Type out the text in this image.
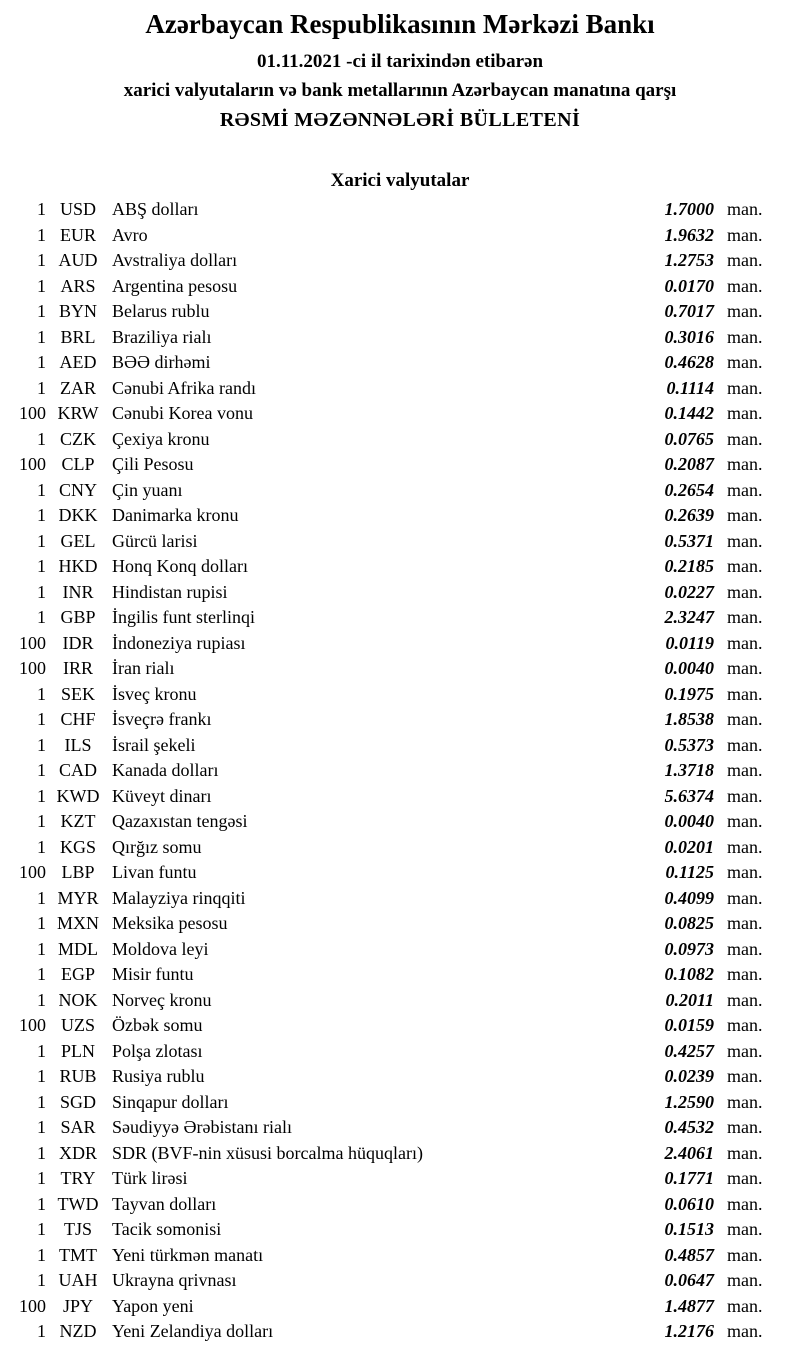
Azərbaycan Respublikasının Mərkəzi Bankı
01.11.2021 -ci il tarixindən etibarən
xarici valyutaların və bank metallarının Azərbaycan manatına qarşı
RƏSMİ MƏZƏNNƏLƏRİ BÜLLETENİ
Xarici valyutalar
1 USD ABŞ dolları	1.7000 man.
1 EUR Avro	1.9632 man.
1 AUD Avstraliya dolları	1.2753 man.
1 ARS Argentina pesosu	0.0170 man.
1 BYN Belarus rublu	0.7017 man.
1 BRL Braziliya rialı	0.3016 man.
1 AED BƏƏ dirhəmi	0.4628 man.
1 ZAR Cənubi Afrika randı	0.1114 man.
100 KRW Cənubi Korea vonu	0.1442 man.
1 CZK Çexiya kronu	0.0765 man.
100 CLP Çili Pesosu	0.2087 man.
1 CNY Çin yuanı	0.2654 man.
1 DKK Danimarka kronu	0.2639 man.
1 GEL Gürcü larisi	0.5371 man.
1 HKD Honq Konq dolları	0.2185 man.
1 INR	Hindistan rupisi	0.0227 man.
1 GBP İngilis funt sterlinqi	2.3247 man.
100 IDR	İndoneziya rupiası	0.0119 man.
100 IRR	İran rialı	0.0040 man.
1 SEK İsveç kronu	0.1975 man.
1 CHF İsveçrə frankı	1.8538 man.
1	ILS	İsrail şekeli	0.5373 man.
1 CAD Kanada dolları	1.3718 man.
1 KWD Küveyt dinarı	5.6374 man.
1 KZT Qazaxıstan tengəsi	0.0040 man.
1 KGS Qırğız somu	0.0201 man.
100 LBP Livan funtu	0.1125 man.
1 MYR Malayziya rinqqiti	0.4099 man.
1 MXN Meksika pesosu	0.0825 man.
1 MDL Moldova leyi	0.0973 man.
1 EGP Misir funtu	0.1082 man.
1 NOK Norveç kronu	0.2011 man.
100 UZS Özbək somu	0.0159 man.
1 PLN Polşa zlotası	0.4257 man.
1 RUB Rusiya rublu	0.0239 man.
1 SGD Sinqapur dolları	1.2590 man.
1 SAR Səudiyyə Ərəbistanı rialı	0.4532 man.
1 XDR SDR (BVF-nin xüsusi borcalma hüquqları)	2.4061 man.
1 TRY Türk lirəsi	0.1771 man.
1 TWD Tayvan dolları	0.0610 man.
1 TJS	Tacik somonisi	0.1513 man.
1 TMT Yeni türkmən manatı	0.4857 man.
1 UAH Ukrayna qrivnası	0.0647 man.
100 JPY	Yapon yeni	1.4877 man.
1 NZD Yeni Zelandiya dolları	1.2176 man.
